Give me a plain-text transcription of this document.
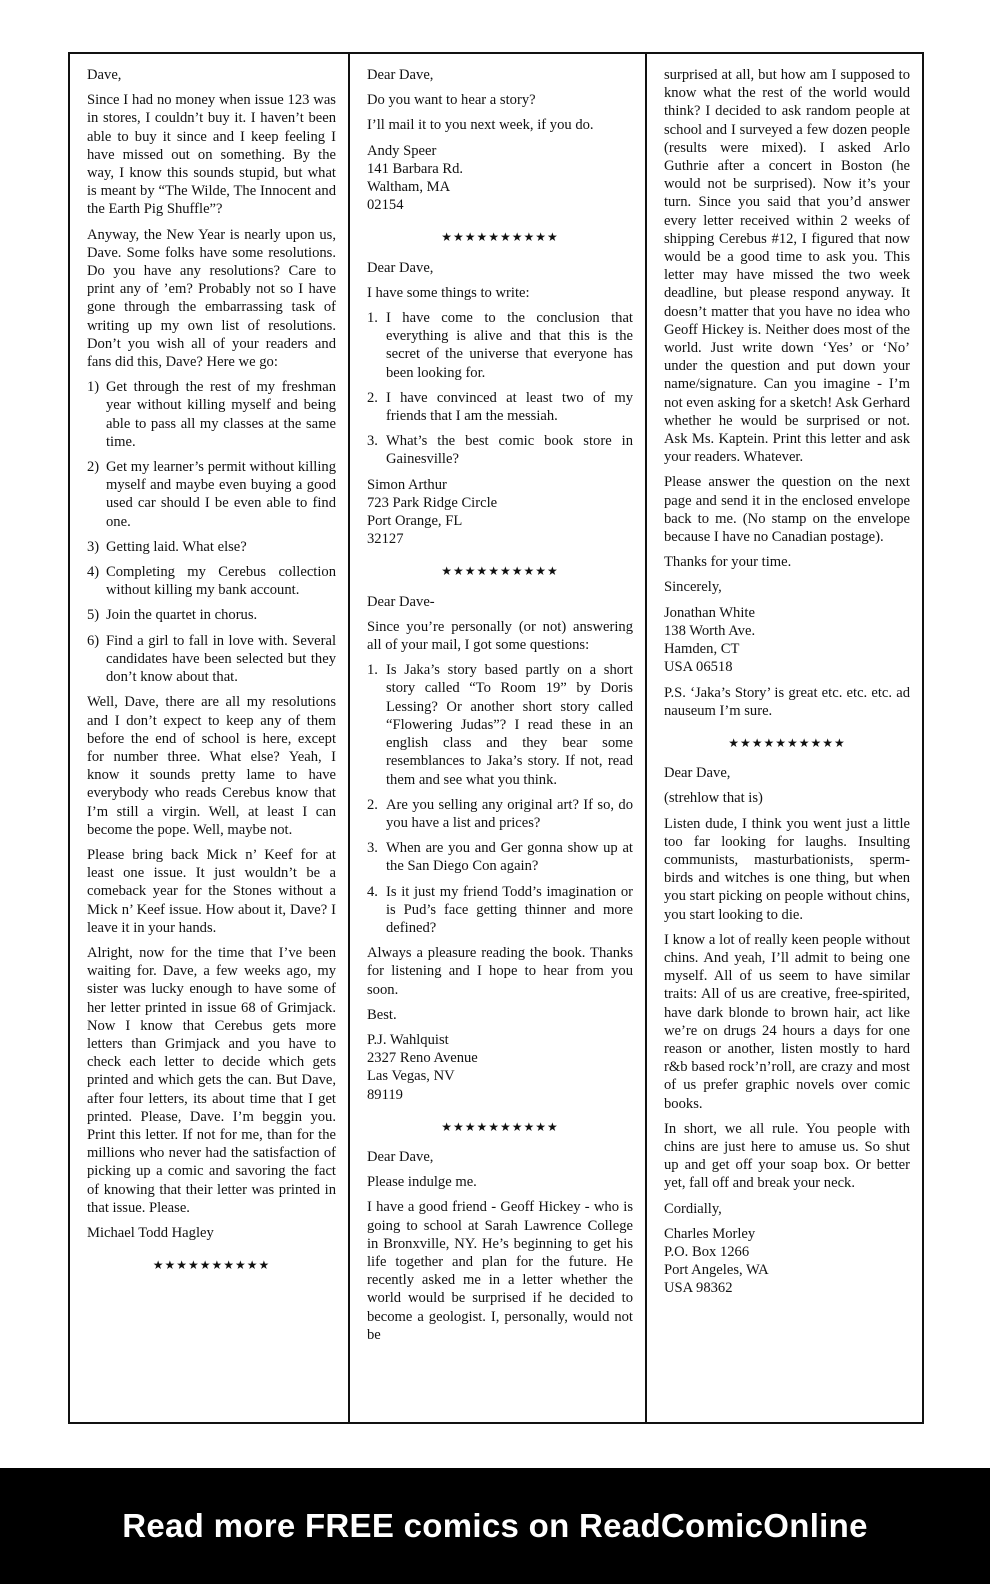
Dave,

Since I had no money when issue 123 was in stores, I couldn’t buy it. I haven’t been able to buy it since and I keep feeling I have missed out on something. By the way, I know this sounds stupid, but what is meant by “The Wilde, The Innocent and the Earth Pig Shuffle”?

Anyway, the New Year is nearly upon us, Dave. Some folks have some resolutions. Do you have any resolutions? Care to print any of ’em? Probably not so I have gone through the embarrassing task of writing up my own list of resolutions. Don’t you wish all of your readers and fans did this, Dave? Here we go:

1) Get through the rest of my freshman year without killing myself and being able to pass all my classes at the same time.
2) Get my learner’s permit without killing myself and maybe even buying a good used car should I be even able to find one.
3) Getting laid. What else?
4) Completing my Cerebus collection without killing my bank account.
5) Join the quartet in chorus.
6) Find a girl to fall in love with. Several candidates have been selected but they don’t know about that.

Well, Dave, there are all my resolutions and I don’t expect to keep any of them before the end of school is here, except for number three. What else? Yeah, I know it sounds pretty lame to have everybody who reads Cerebus know that I’m still a virgin. Well, at least I can become the pope. Well, maybe not.

Please bring back Mick n’ Keef for at least one issue. It just wouldn’t be a comeback year for the Stones without a Mick n’ Keef issue. How about it, Dave? I leave it in your hands.

Alright, now for the time that I’ve been waiting for. Dave, a few weeks ago, my sister was lucky enough to have some of her letter printed in issue 68 of Grimjack. Now I know that Cerebus gets more letters than Grimjack and you have to check each letter to decide which gets printed and which gets the can. But Dave, after four letters, its about time that I get printed. Please, Dave. I’m beggin you. Print this letter. If not for me, than for the millions who never had the satisfaction of picking up a comic and savoring the fact of knowing that their letter was printed in that issue. Please.

Michael Todd Hagley

★★★★★★★★★★

Dear Dave,

Do you want to hear a story?

I’ll mail it to you next week, if you do.

Andy Speer
141 Barbara Rd.
Waltham, MA
02154
★★★★★★★★★★

Dear Dave,

I have some things to write:

1. I have come to the conclusion that everything is alive and that this is the secret of the universe that everyone has been looking for.
2. I have convinced at least two of my friends that I am the messiah.
3. What’s the best comic book store in Gainesville?
Simon Arthur
723 Park Ridge Circle
Port Orange, FL
32127
★★★★★★★★★★

Dear Dave-

Since you’re personally (or not) answering all of your mail, I got some questions:

1. Is Jaka’s story based partly on a short story called “To Room 19” by Doris Lessing? Or another short story called “Flowering Judas”? I read these in an english class and they bear some resemblances to Jaka’s story. If not, read them and see what you think.
2. Are you selling any original art? If so, do you have a list and prices?
3. When are you and Ger gonna show up at the San Diego Con again?
4. Is it just my friend Todd’s imagination or is Pud’s face getting thinner and more defined?

Always a pleasure reading the book. Thanks for listening and I hope to hear from you soon.

Best.

P.J. Wahlquist
2327 Reno Avenue
Las Vegas, NV
89119
★★★★★★★★★★

Dear Dave,

Please indulge me.

I have a good friend - Geoff Hickey - who is going to school at Sarah Lawrence College in Bronxville, NY. He’s beginning to get his life together and plan for the future. He recently asked me in a letter whether the world would be surprised if he decided to become a geologist. I, personally, would not be

surprised at all, but how am I supposed to know what the rest of the world would think? I decided to ask random people at school and I surveyed a few dozen people (results were mixed). I asked Arlo Guthrie after a concert in Boston (he would not be surprised). Now it’s your turn. Since you said that you’d answer every letter received within 2 weeks of shipping Cerebus #12, I figured that now would be a good time to ask you. This letter may have missed the two week deadline, but please respond anyway. It doesn’t matter that you have no idea who Geoff Hickey is. Neither does most of the world. Just write down ‘Yes’ or ‘No’ under the question and put down your name/signature. Can you imagine - I’m not even asking for a sketch! Ask Gerhard whether he would be surprised or not. Ask Ms. Kaptein. Print this letter and ask your readers. Whatever.

Please answer the question on the next page and send it in the enclosed envelope back to me. (No stamp on the envelope because I have no Canadian postage).

Thanks for your time.

Sincerely,

Jonathan White
138 Worth Ave.
Hamden, CT
USA 06518

P.S. ‘Jaka’s Story’ is great etc. etc. etc. ad nauseum I’m sure.

★★★★★★★★★★

Dear Dave,

(strehlow that is)

Listen dude, I think you went just a little too far looking for laughs. Insulting communists, masturbationists, sperm-birds and witches is one thing, but when you start picking on people without chins, you start looking to die.

I know a lot of really keen people without chins. And yeah, I’ll admit to being one myself. All of us seem to have similar traits: All of us are creative, free-spirited, have dark blonde to brown hair, act like we’re on drugs 24 hours a days for one reason or another, listen mostly to hard r&b based rock’n’roll, are crazy and most of us prefer graphic novels over comic books.

In short, we all rule. You people with chins are just here to amuse us. So shut up and get off your soap box. Or better yet, fall off and break your neck.

Cordially,

Charles Morley
P.O. Box 1266
Port Angeles, WA
USA 98362
Read more FREE comics on ReadComicOnline
